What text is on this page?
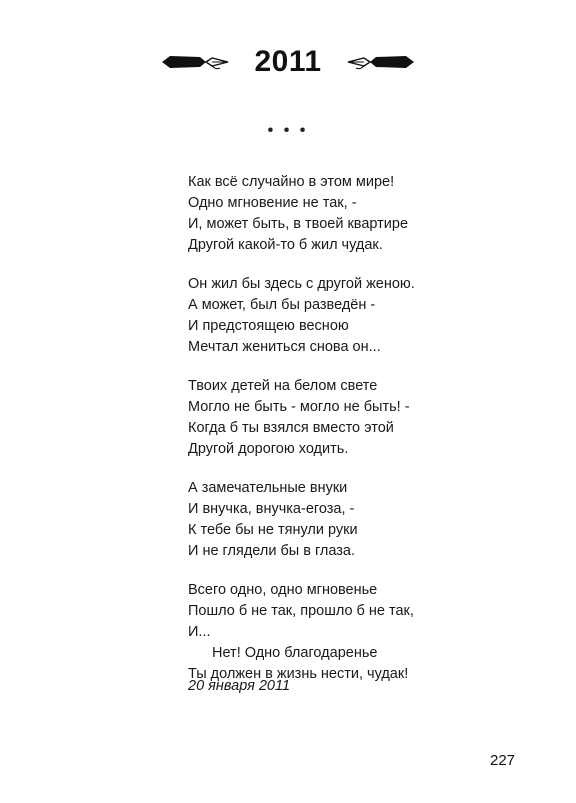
2011
• • •
Как всё случайно в этом мире!
Одно мгновение не так, -
И, может быть, в твоей квартире
Другой какой-то б жил чудак.
Он жил бы здесь с другой женою.
А может, был бы разведён -
И предстоящею весною
Мечтал жениться снова он...
Твоих детей на белом свете
Могло не быть - могло не быть! -
Когда б ты взялся вместо этой
Другой дорогою ходить.
А замечательные внуки
И внучка, внучка-егоза, -
К тебе бы не тянули руки
И не глядели бы в глаза.
Всего одно, одно мгновенье
Пошло б не так, прошло б не так,
И...
Нет! Одно благодаренье
Ты должен в жизнь нести, чудак!
20 января 2011
227
